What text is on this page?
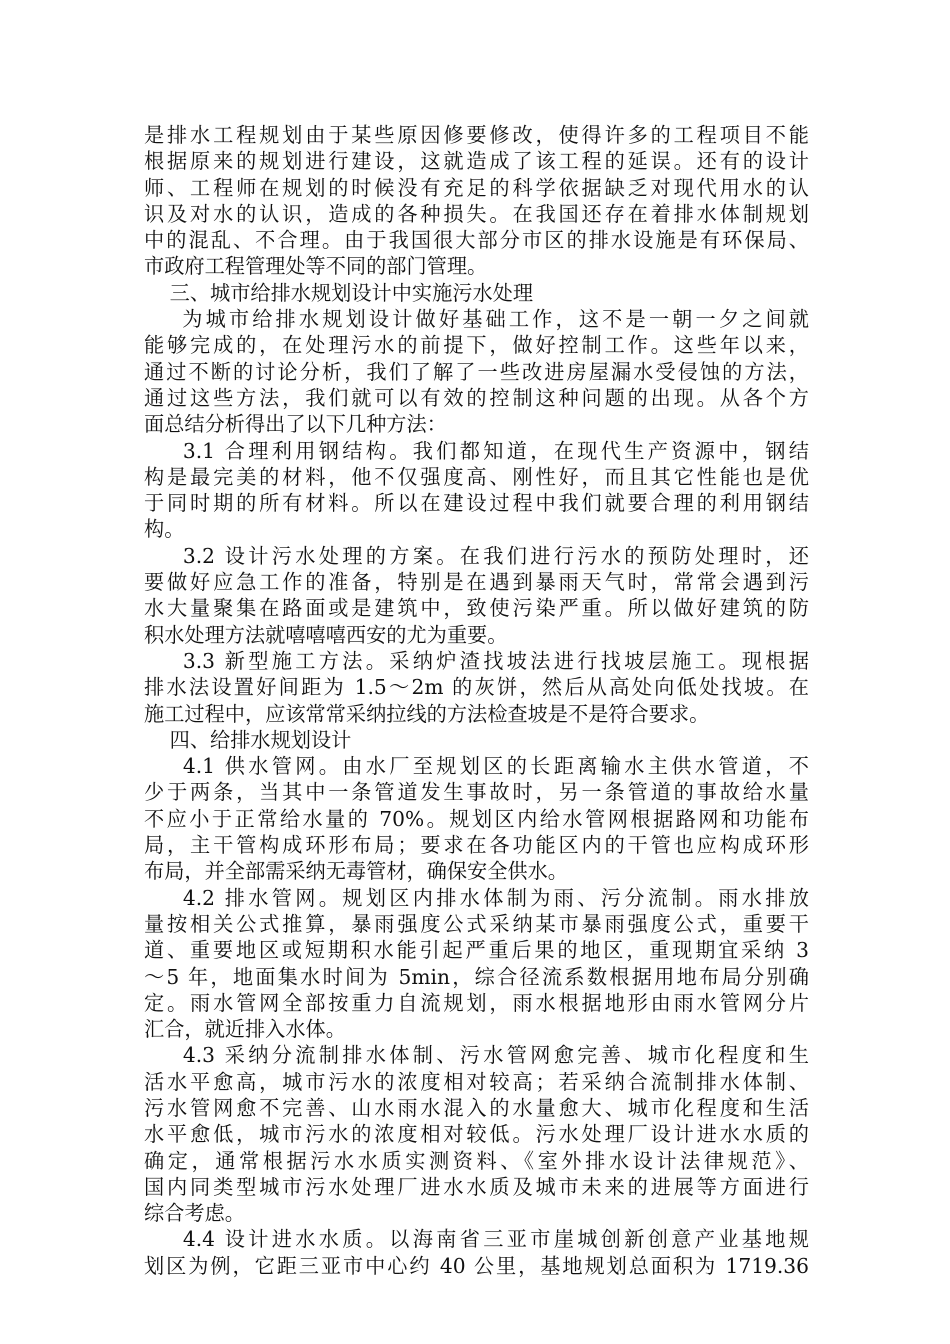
是排水工程规划由于某些原因修要修改，使得许多的工程项目不能
根据原来的规划进行建设，这就造成了该工程的延误。还有的设计
师、工程师在规划的时候没有充足的科学依据缺乏对现代用水的认
识及对水的认识，造成的各种损失。在我国还存在着排水体制规划
中的混乱、不合理。由于我国很大部分市区的排水设施是有环保局、
市政府工程管理处等不同的部门管理。
三、城市给排水规划设计中实施污水处理
为城市给排水规划设计做好基础工作，这不是一朝一夕之间就
能够完成的，在处理污水的前提下，做好控制工作。这些年以来，
通过不断的讨论分析，我们了解了一些改进房屋漏水受侵蚀的方法，
通过这些方法，我们就可以有效的控制这种问题的出现。从各个方
面总结分析得出了以下几种方法：
3.1 合理利用钢结构。我们都知道，在现代生产资源中，钢结
构是最完美的材料，他不仅强度高、刚性好，而且其它性能也是优
于同时期的所有材料。所以在建设过程中我们就要合理的利用钢结
构。
3.2 设计污水处理的方案。在我们进行污水的预防处理时，还
要做好应急工作的准备，特别是在遇到暴雨天气时，常常会遇到污
水大量聚集在路面或是建筑中，致使污染严重。所以做好建筑的防
积水处理方法就嘻嘻嘻西安的尤为重要。
3.3 新型施工方法。采纳炉渣找坡法进行找坡层施工。现根据
排水法设置好间距为 1.5～2m 的灰饼，然后从高处向低处找坡。在
施工过程中，应该常常采纳拉线的方法检查坡是不是符合要求。
四、给排水规划设计
4.1 供水管网。由水厂至规划区的长距离输水主供水管道，不
少于两条，当其中一条管道发生事故时，另一条管道的事故给水量
不应小于正常给水量的 70%。规划区内给水管网根据路网和功能布
局，主干管构成环形布局；要求在各功能区内的干管也应构成环形
布局，并全部需采纳无毒管材，确保安全供水。
4.2 排水管网。规划区内排水体制为雨、污分流制。雨水排放
量按相关公式推算，暴雨强度公式采纳某市暴雨强度公式，重要干
道、重要地区或短期积水能引起严重后果的地区，重现期宜采纳 3
～5 年，地面集水时间为 5min，综合径流系数根据用地布局分别确
定。雨水管网全部按重力自流规划，雨水根据地形由雨水管网分片
汇合，就近排入水体。
4.3 采纳分流制排水体制、污水管网愈完善、城市化程度和生
活水平愈高，城市污水的浓度相对较高；若采纳合流制排水体制、
污水管网愈不完善、山水雨水混入的水量愈大、城市化程度和生活
水平愈低，城市污水的浓度相对较低。污水处理厂设计进水水质的
确定，通常根据污水水质实测资料、《室外排水设计法律规范》、
国内同类型城市污水处理厂进水水质及城市未来的进展等方面进行
综合考虑。
4.4 设计进水水质。以海南省三亚市崖城创新创意产业基地规
划区为例，它距三亚市中心约 40 公里，基地规划总面积为 1719.36
